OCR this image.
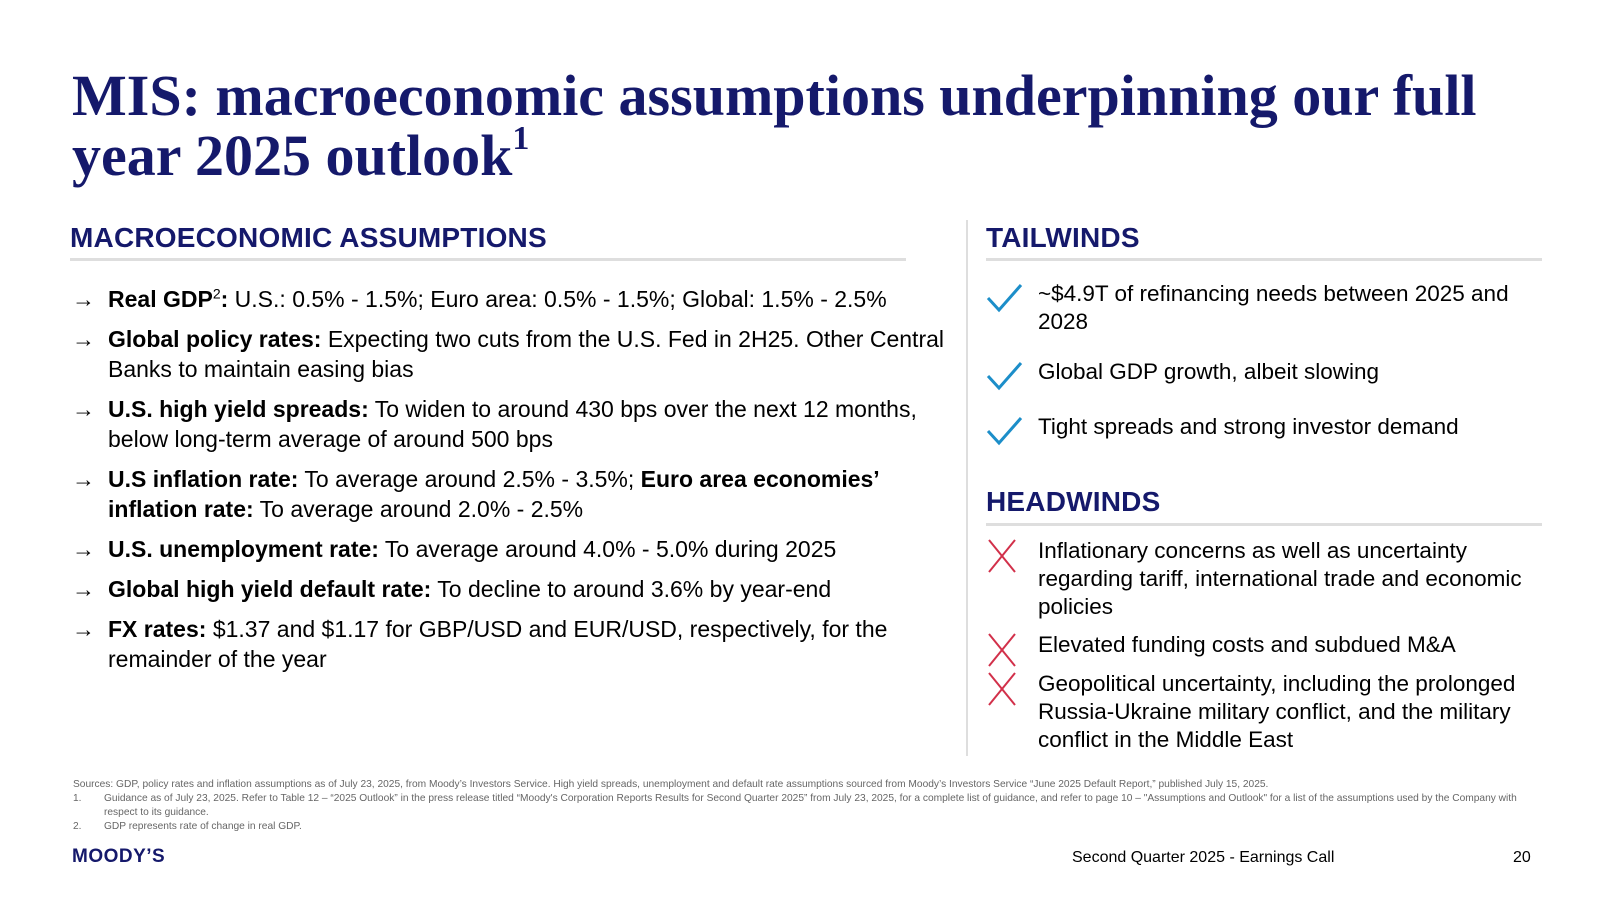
MIS: macroeconomic assumptions underpinning our full year 2025 outlook$^1$
MACROECONOMIC ASSUMPTIONS
→ Real GDP$^2$: U.S.: 0.5% - 1.5%; Euro area: 0.5% - 1.5%; Global: 1.5% - 2.5%
→ Global policy rates: Expecting two cuts from the U.S. Fed in 2H25. Other Central Banks to maintain easing bias
→ U.S. high yield spreads: To widen to around 430 bps over the next 12 months, below long-term average of around 500 bps
→ U.S inflation rate: To average around 2.5% - 3.5%; Euro area economies’ inflation rate: To average around 2.0% - 2.5%
→ U.S. unemployment rate: To average around 4.0% - 5.0% during 2025
→ Global high yield default rate: To decline to around 3.6% by year-end
→ FX rates: $1.37 and $1.17 for GBP/USD and EUR/USD, respectively, for the remainder of the year
TAILWINDS
~$4.9T of refinancing needs between 2025 and 2028
Global GDP growth, albeit slowing
Tight spreads and strong investor demand
HEADWINDS
Inflationary concerns as well as uncertainty regarding tariff, international trade and economic policies
Elevated funding costs and subdued M&A
Geopolitical uncertainty, including the prolonged Russia-Ukraine military conflict, and the military conflict in the Middle East
Sources: GDP, policy rates and inflation assumptions as of July 23, 2025, from Moody’s Investors Service. High yield spreads, unemployment and default rate assumptions sourced from Moody’s Investors Service “June 2025 Default Report,” published July 15, 2025.
1. Guidance as of July 23, 2025. Refer to Table 12 – “2025 Outlook” in the press release titled “Moody's Corporation Reports Results for Second Quarter 2025” from July 23, 2025, for a complete list of guidance, and refer to page 10 – "Assumptions and Outlook" for a list of the assumptions used by the Company with respect to its guidance.
2. GDP represents rate of change in real GDP.
MOODY’S	Second Quarter 2025 - Earnings Call	20
